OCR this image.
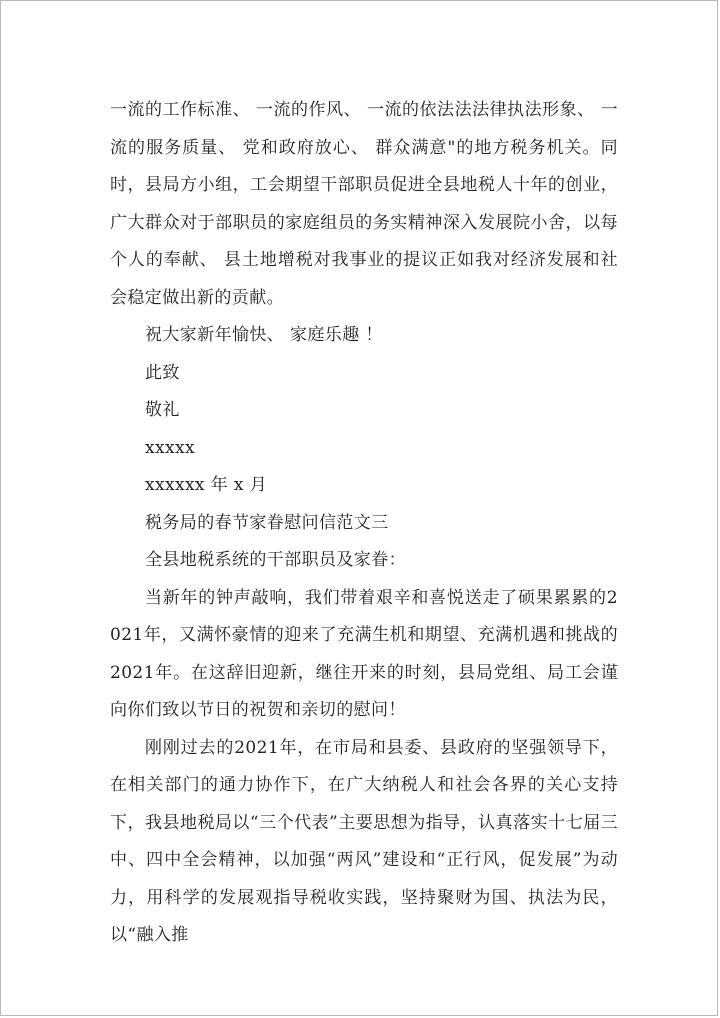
一流的工作标准、 一流的作风、 一流的依法法法律执法形象、 一流的服务质量、 党和政府放心、 群众满意"的地方税务机关。同时，县局方小组，工会期望干部职员促进全县地税人十年的创业，广大群众对于部职员的家庭组员的务实精神深入发展院小舍，以每个人的奉献、 县土地增税对我事业的提议正如我对经济发展和社会稳定做出新的贡献。

祝大家新年愉快、 家庭乐趣 ！

此致

敬礼

xxxxx

xxxxxx 年 x 月

税务局的春节家眷慰问信范文三

全县地税系统的干部职员及家眷：

当新年的钟声敲响，我们带着艰辛和喜悦送走了硕果累累的2021年，又满怀豪情的迎来了充满生机和期望、充满机遇和挑战的2021年。在这辞旧迎新，继往开来的时刻，县局党组、局工会谨向你们致以节日的祝贺和亲切的慰问！

刚刚过去的2021年，在市局和县委、县政府的坚强领导下，在相关部门的通力协作下，在广大纳税人和社会各界的关心支持下，我县地税局以“三个代表”主要思想为指导，认真落实十七届三中、四中全会精神，以加强“两风”建设和“正行风，促发展”为动力，用科学的发展观指导税收实践，坚持聚财为国、执法为民，以“融入推
